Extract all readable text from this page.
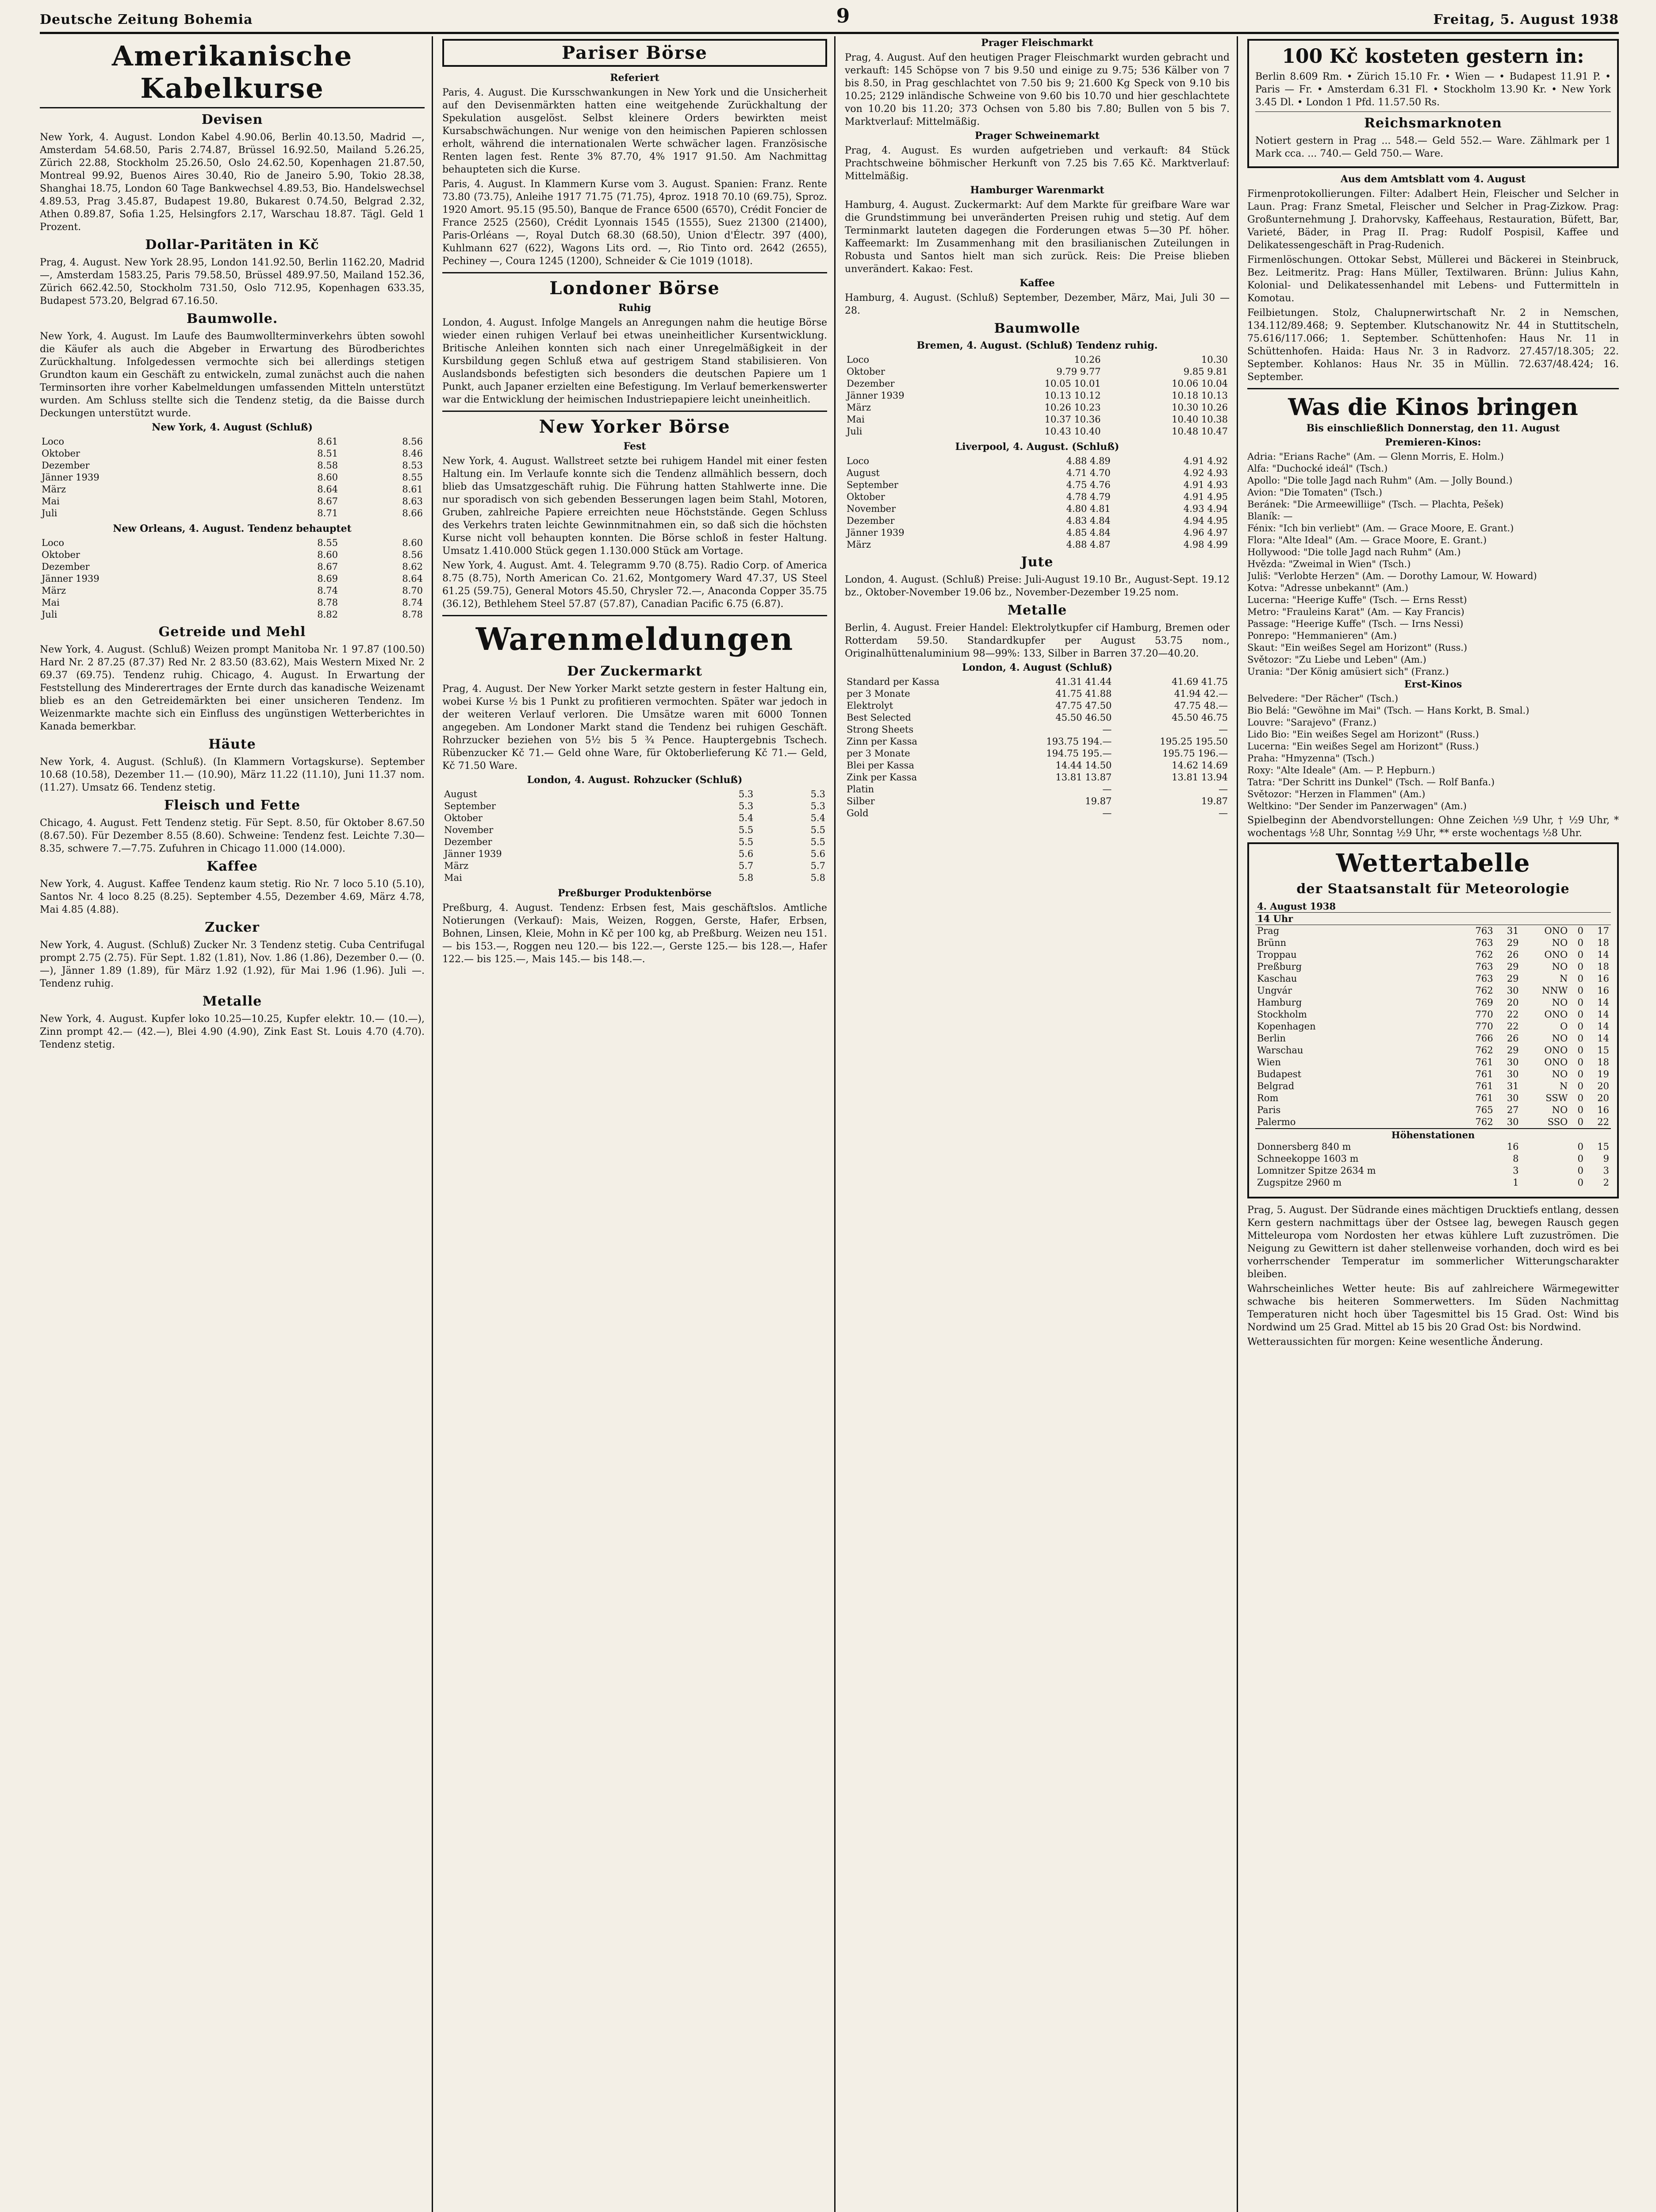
Deutsche Zeitung Bohemia	9	Freitag, 5. August 1938
Amerikanische Kabelkurse
Devisen

New York, 4. August. London Kabel 4.90.06, Berlin 40.13.50, Madrid —, Amsterdam 54.68.50, Paris 2.74.87, Brüssel 16.92.50, Mailand 5.26.25, Zürich 22.88, Stockholm 25.26.50, Oslo 24.62.50, Kopenhagen 21.87.50, Montreal 99.92, Buenos Aires 30.40, Rio de Janeiro 5.90, Tokio 28.38, Shanghai 18.75, London 60 Tage Bankwechsel 4.89.53, Bio. Handelswechsel 4.89.53, Prag 3.45.87, Budapest 19.80, Bukarest 0.74.50, Belgrad 2.32, Athen 0.89.87, Sofia 1.25, Helsingfors 2.17, Warschau 18.87. Tägl. Geld 1 Prozent.

Dollar-Paritäten in Kč

Prag, 4. August. New York 28.95, London 141.92.50, Berlin 1162.20, Madrid —, Amsterdam 1583.25, Paris 79.58.50, Brüssel 489.97.50, Mailand 152.36, Zürich 662.42.50, Stockholm 731.50, Oslo 712.95, Kopenhagen 633.35, Budapest 573.20, Belgrad 67.16.50.

Baumwolle.

New York, 4. August. Im Laufe des Baumwollterminverkehrs übten sowohl die Käufer als auch die Abgeber in Erwartung des Bürodberichtes Zurückhaltung. Infolgedessen vermochte sich bei allerdings stetigen Grundton kaum ein Geschäft zu entwickeln, zumal zunächst auch die nahen Terminsorten ihre vorher Kabelmeldungen umfassenden Mitteln unterstützt wurden. Am Schluss stellte sich die Tendenz stetig, da die Baisse durch Deckungen unterstützt wurde.

New York, 4. August (Schluß)
Loco	8.61	8.56
Oktober	8.51	8.46
Dezember	8.58	8.53
Jänner 1939	8.60	8.55
März	8.64	8.61
Mai	8.67	8.63
Juli	8.71	8.66
New Orleans, 4. August. Tendenz behauptet
Loco	8.55	8.60
Oktober	8.60	8.56
Dezember	8.67	8.62
Jänner 1939	8.69	8.64
März	8.74	8.70
Mai	8.78	8.74
Juli	8.82	8.78
Getreide und Mehl

New York, 4. August. (Schluß) Weizen prompt Manitoba Nr. 1 97.87 (100.50) Hard Nr. 2 87.25 (87.37) Red Nr. 2 83.50 (83.62), Mais Western Mixed Nr. 2 69.37 (69.75). Tendenz ruhig. Chicago, 4. August. In Erwartung der Feststellung des Minderertrages der Ernte durch das kanadische Weizenamt blieb es an den Getreidemärkten bei einer unsicheren Tendenz. Im Weizenmarkte machte sich ein Einfluss des ungünstigen Wetterberichtes in Kanada bemerkbar.

Häute

New York, 4. August. (Schluß). (In Klammern Vortagskurse). September 10.68 (10.58), Dezember 11.— (10.90), März 11.22 (11.10), Juni 11.37 nom. (11.27). Umsatz 66. Tendenz stetig.

Fleisch und Fette

Chicago, 4. August. Fett Tendenz stetig. Für Sept. 8.50, für Oktober 8.67.50 (8.67.50). Für Dezember 8.55 (8.60). Schweine: Tendenz fest. Leichte 7.30—8.35, schwere 7.—7.75. Zufuhren in Chicago 11.000 (14.000).

Kaffee

New York, 4. August. Kaffee Tendenz kaum stetig. Rio Nr. 7 loco 5.10 (5.10), Santos Nr. 4 loco 8.25 (8.25). September 4.55, Dezember 4.69, März 4.78, Mai 4.85 (4.88).

Zucker

New York, 4. August. (Schluß) Zucker Nr. 3 Tendenz stetig. Cuba Centrifugal prompt 2.75 (2.75). Für Sept. 1.82 (1.81), Nov. 1.86 (1.86), Dezember 0.— (0.—), Jänner 1.89 (1.89), für März 1.92 (1.92), für Mai 1.96 (1.96). Juli —. Tendenz ruhig.

Metalle

New York, 4. August. Kupfer loko 10.25—10.25, Kupfer elektr. 10.— (10.—), Zinn prompt 42.— (42.—), Blei 4.90 (4.90), Zink East St. Louis 4.70 (4.70). Tendenz stetig.

Pariser Börse
Referiert

Paris, 4. August. Die Kursschwankungen in New York und die Unsicherheit auf den Devisenmärkten hatten eine weitgehende Zurückhaltung der Spekulation ausgelöst. Selbst kleinere Orders bewirkten meist Kursabschwächungen. Nur wenige von den heimischen Papieren schlossen erholt, während die internationalen Werte schwächer lagen. Französische Renten lagen fest. Rente 3% 87.70, 4% 1917 91.50. Am Nachmittag behaupteten sich die Kurse.

Paris, 4. August. In Klammern Kurse vom 3. August. Spanien: Franz. Rente 73.80 (73.75), Anleihe 1917 71.75 (71.75), 4proz. 1918 70.10 (69.75), Sproz. 1920 Amort. 95.15 (95.50), Banque de France 6500 (6570), Crédit Foncier de France 2525 (2560), Crédit Lyonnais 1545 (1555), Suez 21300 (21400), Paris-Orléans —, Royal Dutch 68.30 (68.50), Union d'Électr. 397 (400), Kuhlmann 627 (622), Wagons Lits ord. —, Rio Tinto ord. 2642 (2655), Pechiney —, Coura 1245 (1200), Schneider & Cie 1019 (1018).

Londoner Börse
Ruhig

London, 4. August. Infolge Mangels an Anregungen nahm die heutige Börse wieder einen ruhigen Verlauf bei etwas uneinheitlicher Kursentwicklung. Britische Anleihen konnten sich nach einer Unregelmäßigkeit in der Kursbildung gegen Schluß etwa auf gestrigem Stand stabilisieren. Von Auslandsbonds befestigten sich besonders die deutschen Papiere um 1 Punkt, auch Japaner erzielten eine Befestigung. Im Verlauf bemerkenswerter war die Entwicklung der heimischen Industriepapiere leicht uneinheitlich.

New Yorker Börse
Fest

New York, 4. August. Wallstreet setzte bei ruhigem Handel mit einer festen Haltung ein. Im Verlaufe konnte sich die Tendenz allmählich bessern, doch blieb das Umsatzgeschäft ruhig. Die Führung hatten Stahlwerte inne. Die nur sporadisch von sich gebenden Besserungen lagen beim Stahl, Motoren, Gruben, zahlreiche Papiere erreichten neue Höchststände. Gegen Schluss des Verkehrs traten leichte Gewinnmitnahmen ein, so daß sich die höchsten Kurse nicht voll behaupten konnten. Die Börse schloß in fester Haltung. Umsatz 1.410.000 Stück gegen 1.130.000 Stück am Vortage.

New York, 4. August. Amt. 4. Telegramm 9.70 (8.75). Radio Corp. of America 8.75 (8.75), North American Co. 21.62, Montgomery Ward 47.37, US Steel 61.25 (59.75), General Motors 45.50, Chrysler 72.—, Anaconda Copper 35.75 (36.12), Bethlehem Steel 57.87 (57.87), Canadian Pacific 6.75 (6.87).

Warenmeldungen
Der Zuckermarkt

Prag, 4. August. Der New Yorker Markt setzte gestern in fester Haltung ein, wobei Kurse ½ bis 1 Punkt zu profitieren vermochten. Später war jedoch in der weiteren Verlauf verloren. Die Umsätze waren mit 6000 Tonnen angegeben. Am Londoner Markt stand die Tendenz bei ruhigen Geschäft. Rohrzucker beziehen von 5½ bis 5 ¾ Pence. Hauptergebnis Tschech. Rübenzucker Kč 71.— Geld ohne Ware, für Oktoberlieferung Kč 71.— Geld, Kč 71.50 Ware.

London, 4. August. Rohzucker (Schluß)
August	5.3	5.3
September	5.3	5.3
Oktober	5.4	5.4
November	5.5	5.5
Dezember	5.5	5.5
Jänner 1939	5.6	5.6
März	5.7	5.7
Mai	5.8	5.8
Preßburger Produktenbörse

Preßburg, 4. August. Tendenz: Erbsen fest, Mais geschäftslos. Amtliche Notierungen (Verkauf): Mais, Weizen, Roggen, Gerste, Hafer, Erbsen, Bohnen, Linsen, Kleie, Mohn in Kč per 100 kg, ab Preßburg. Weizen neu 151.— bis 153.—, Roggen neu 120.— bis 122.—, Gerste 125.— bis 128.—, Hafer 122.— bis 125.—, Mais 145.— bis 148.—.

Prager Fleischmarkt

Prag, 4. August. Auf den heutigen Prager Fleischmarkt wurden gebracht und verkauft: 145 Schöpse von 7 bis 9.50 und einige zu 9.75; 536 Kälber von 7 bis 8.50, in Prag geschlachtet von 7.50 bis 9; 21.600 Kg Speck von 9.10 bis 10.25; 2129 inländische Schweine von 9.60 bis 10.70 und hier geschlachtete von 10.20 bis 11.20; 373 Ochsen von 5.80 bis 7.80; Bullen von 5 bis 7. Marktverlauf: Mittelmäßig.

Prager Schweinemarkt

Prag, 4. August. Es wurden aufgetrieben und verkauft: 84 Stück Prachtschweine böhmischer Herkunft von 7.25 bis 7.65 Kč. Marktverlauf: Mittelmäßig.

Hamburger Warenmarkt

Hamburg, 4. August. Zuckermarkt: Auf dem Markte für greifbare Ware war die Grundstimmung bei unveränderten Preisen ruhig und stetig. Auf dem Terminmarkt lauteten dagegen die Forderungen etwas 5—30 Pf. höher. Kaffeemarkt: Im Zusammenhang mit den brasilianischen Zuteilungen in Robusta und Santos hielt man sich zurück. Reis: Die Preise blieben unverändert. Kakao: Fest.

Kaffee

Hamburg, 4. August. (Schluß) September, Dezember, März, Mai, Juli 30 — 28.

Baumwolle
Bremen, 4. August. (Schluß) Tendenz ruhig.
Loco	10.26	10.30
Oktober	9.79 9.77	9.85 9.81
Dezember	10.05 10.01	10.06 10.04
Jänner 1939	10.13 10.12	10.18 10.13
März	10.26 10.23	10.30 10.26
Mai	10.37 10.36	10.40 10.38
Juli	10.43 10.40	10.48 10.47
Liverpool, 4. August. (Schluß)
Loco	4.88 4.89	4.91 4.92
August	4.71 4.70	4.92 4.93
September	4.75 4.76	4.91 4.93
Oktober	4.78 4.79	4.91 4.95
November	4.80 4.81	4.93 4.94
Dezember	4.83 4.84	4.94 4.95
Jänner 1939	4.85 4.84	4.96 4.97
März	4.88 4.87	4.98 4.99
Jute

London, 4. August. (Schluß) Preise: Juli-August 19.10 Br., August-Sept. 19.12 bz., Oktober-November 19.06 bz., November-Dezember 19.25 nom.

Metalle

Berlin, 4. August. Freier Handel: Elektrolytkupfer cif Hamburg, Bremen oder Rotterdam 59.50. Standardkupfer per August 53.75 nom., Originalhüttenaluminium 98—99%: 133, Silber in Barren 37.20—40.20.

London, 4. August (Schluß)
Standard per Kassa	41.31 41.44	41.69 41.75
per 3 Monate	41.75 41.88	41.94 42.—
Elektrolyt	47.75 47.50	47.75 48.—
Best Selected	45.50 46.50	45.50 46.75
Strong Sheets	—	—
Zinn per Kassa	193.75 194.—	195.25 195.50
per 3 Monate	194.75 195.—	195.75 196.—
Blei per Kassa	14.44 14.50	14.62 14.69
Zink per Kassa	13.81 13.87	13.81 13.94
Platin	—	—
Silber	19.87	19.87
Gold	—	—
100 Kč kosteten gestern in:

Berlin 8.609 Rm. • Zürich 15.10 Fr. • Wien — • Budapest 11.91 P. • Paris — Fr. • Amsterdam 6.31 Fl. • Stockholm 13.90 Kr. • New York 3.45 Dl. • London 1 Pfd. 11.57.50 Rs.

Reichsmarknoten

Notiert gestern in Prag ... 548.— Geld 552.— Ware. Zählmark per 1 Mark cca. ... 740.— Geld 750.— Ware.

Aus dem Amtsblatt vom 4. August

Firmenprotokollierungen. Filter: Adalbert Hein, Fleischer und Selcher in Laun. Prag: Franz Smetal, Fleischer und Selcher in Prag-Zizkow. Prag: Großunternehmung J. Drahorvsky, Kaffeehaus, Restauration, Büfett, Bar, Varieté, Bäder, in Prag II. Prag: Rudolf Pospisil, Kaffee und Delikatessengeschäft in Prag-Rudenich.

Firmenlöschungen. Ottokar Sebst, Müllerei und Bäckerei in Steinbruck, Bez. Leitmeritz. Prag: Hans Müller, Textilwaren. Brünn: Julius Kahn, Kolonial- und Delikatessenhandel mit Lebens- und Futtermitteln in Komotau.

Feilbietungen. Stolz, Chalupnerwirtschaft Nr. 2 in Nemschen, 134.112/89.468; 9. September. Klutschanowitz Nr. 44 in Stuttitscheln, 75.616/117.066; 1. September. Schüttenhofen: Haus Nr. 11 in Schüttenhofen. Haida: Haus Nr. 3 in Radvorz. 27.457/18.305; 22. September. Kohlanos: Haus Nr. 35 in Müllin. 72.637/48.424; 16. September.

Was die Kinos bringen
Bis einschließlich Donnerstag, den 11. August
Premieren-Kinos:
Adria: "Erians Rache" (Am. — Glenn Morris, E. Holm.)
Alfa: "Duchocké ideál" (Tsch.)
Apollo: "Die tolle Jagd nach Ruhm" (Am. — Jolly Bound.)
Avion: "Die Tomaten" (Tsch.)
Beránek: "Die Armeewilliige" (Tsch. — Plachta, Pešek)
Blaník: —
Fénix: "Ich bin verliebt" (Am. — Grace Moore, E. Grant.)
Flora: "Alte Ideal" (Am. — Grace Moore, E. Grant.)
Hollywood: "Die tolle Jagd nach Ruhm" (Am.)
Hvězda: "Zweimal in Wien" (Tsch.)
Juliš: "Verlobte Herzen" (Am. — Dorothy Lamour, W. Howard)
Kotva: "Adresse unbekannt" (Am.)
Lucerna: "Heerige Kuffe" (Tsch. — Erns Resst)
Metro: "Frauleins Karat" (Am. — Kay Francis)
Passage: "Heerige Kuffe" (Tsch. — Irns Nessi)
Ponrepo: "Hemmanieren" (Am.)
Skaut: "Ein weißes Segel am Horizont" (Russ.)
Světozor: "Zu Liebe und Leben" (Am.)
Urania: "Der König amüsiert sich" (Franz.)
Erst-Kinos
Belvedere: "Der Rächer" (Tsch.)
Bio Belá: "Gewöhne im Mai" (Tsch. — Hans Korkt, B. Smal.)
Louvre: "Sarajevo" (Franz.)
Lido Bio: "Ein weißes Segel am Horizont" (Russ.)
Lucerna: "Ein weißes Segel am Horizont" (Russ.)
Praha: "Hmyzenna" (Tsch.)
Roxy: "Alte Ideale" (Am. — P. Hepburn.)
Tatra: "Der Schritt ins Dunkel" (Tsch. — Rolf Banfa.)
Světozor: "Herzen in Flammen" (Am.)
Weltkino: "Der Sender im Panzerwagen" (Am.)

Spielbeginn der Abendvorstellungen: Ohne Zeichen ½9 Uhr, † ½9 Uhr, * wochentags ½8 Uhr, Sonntag ½9 Uhr, ** erste wochentags ½8 Uhr.

Wettertabelle
der Staatsanstalt für Meteorologie
4. August 1938					
14 Uhr					
Prag	763	31	ONO	0	17
Brünn	763	29	NO	0	18
Troppau	762	26	ONO	0	14
Preßburg	763	29	NO	0	18
Kaschau	763	29	N	0	16
Ungvár	762	30	NNW	0	16
Hamburg	769	20	NO	0	14
Stockholm	770	22	ONO	0	14
Kopenhagen	770	22	O	0	14
Berlin	766	26	NO	0	14
Warschau	762	29	ONO	0	15
Wien	761	30	ONO	0	18
Budapest	761	30	NO	0	19
Belgrad	761	31	N	0	20
Rom	761	30	SSW	0	20
Paris	765	27	NO	0	16
Palermo	762	30	SSO	0	22
Höhenstationen					
Donnersberg 840 m		16		0	15
Schneekoppe 1603 m		8		0	9
Lomnitzer Spitze 2634 m		3		0	3
Zugspitze 2960 m		1		0	2

Prag, 5. August. Der Südrande eines mächtigen Drucktiefs entlang, dessen Kern gestern nachmittags über der Ostsee lag, bewegen Rausch gegen Mitteleuropa vom Nordosten her etwas kühlere Luft zuzuströmen. Die Neigung zu Gewittern ist daher stellenweise vorhanden, doch wird es bei vorherrschender Temperatur im sommerlicher Witterungscharakter bleiben.

Wahrscheinliches Wetter heute: Bis auf zahlreichere Wärmegewitter schwache bis heiteren Sommerwetters. Im Süden Nachmittag Temperaturen nicht hoch über Tagesmittel bis 15 Grad. Ost: Wind bis Nordwind um 25 Grad. Mittel ab 15 bis 20 Grad Ost: bis Nordwind.

Wetteraussichten für morgen: Keine wesentliche Änderung.
